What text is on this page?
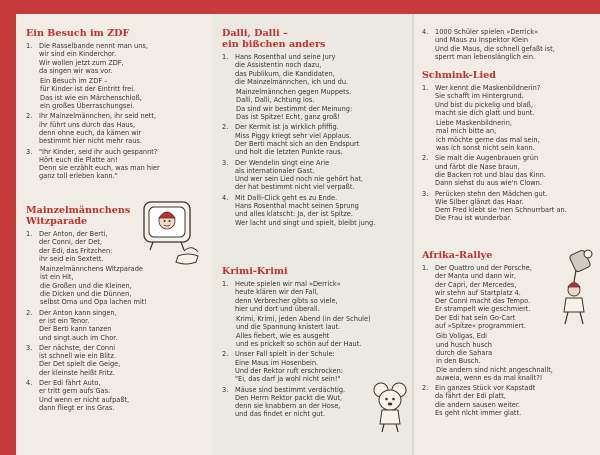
Ein Besuch im ZDF
1.	Die Rasselbande nennt man uns,
wir sind ein Kinderchor.
Wir wollen jetzt zum ZDF,
da singen wir was vor.
Ein Besuch im ZDF –
für Kinder ist der Eintritt frei.
Das ist wie ein Märchenschloß,
ein großes Überraschungsei.
2.	Ihr Mainzelmännchen, ihr seid nett,
ihr führt uns durch das Haus,
denn ohne euch, da kämen wir
bestimmt hier nicht mehr raus.
3.	"Ihr Kinder, seid ihr auch gespannt?
Hört euch die Platte an!
Denn sie erzählt euch, was man hier
ganz toll erleben kann."
Mainzelmännchens
Witzparade
1.	Der Anton, der Berti,
der Conni, der Det,
der Edi, das Fritzchen:
ihr seid ein Sextett.
Mainzelmännchens Witzparade
ist ein Hit,
die Großen und die Kleinen,
die Dicken und die Dünnen,
selbst Oma und Opa lachen mit!
2.	Der Anton kann singen,
er ist ein Tenor.
Der Berti kann tanzen
und singt auch im Chor.
3.	Der nächste, der Conni
ist schnell wie ein Blitz.
Der Det spielt die Geige,
der kleinste heißt Fritz.
4.	Der Edi fährt Auto,
er tritt gern aufs Gas.
Und wenn er nicht aufpaßt,
dann fliegt er ins Gras.
Dalli, Dalli –
ein bißchen anders
1.	Hans Rosenthal und seine Jury
die Assistentin noch dazu,
das Publikum, die Kandidaten,
die Mainzelmännchen, ich und du.
Mainzelmännchen gegen Muppets.
Dalli, Dalli, Achtung los.
Da sind wir bestimmt der Meinung:
Das ist Spitze! Echt, ganz groß!
2.	Der Kermit ist ja wirklich pfiffig.
Miss Piggy kriegt sehr viel Applaus.
Der Berti macht sich an den Endspurt
und holt die letzten Punkte raus.
3.	Der Wendelin singt eine Arie
als internationaler Gast.
Und wer sein Lied noch nie gehört hat,
der hat bestimmt nicht viel verpaßt.
4.	Mit Dalli-Click geht es zu Ende.
Hans Rosenthal macht seinen Sprung
und alles klatscht: Ja, der ist Spitze.
Wer lacht und singt und spielt, bleibt jung.
Krimi-Krimi
1.	Heute spielen wir mal »Derrick«
heute klären wir den Fall,
denn Verbrecher gibts so viele,
hier und dort und überall.
Krimi, Krimi, jeden Abend (in der Schule)
und die Spannung knistert laut.
Alles fiebert, wie es ausgeht
und es prickelt so schön auf der Haut.
2.	Unser Fall spielt in der Schule:
Eine Maus im Hosenbein.
Und der Rektor ruft erschrocken:
"Ei, das darf ja wohl nicht sein!"
3.	Mäuse sind bestimmt verdächtig.
Den Herrn Rektor packt die Wut,
denn sie knabbern an der Hose,
und das findet er nicht gut.
4.	1000 Schüler spielen »Derrick«
und Maus zu Inspektor Klein
Und die Maus, die schnell gefaßt ist,
sperrt man lebenslänglich ein.
Schmink-Lied
1.	Wer kennt die Maskenbildnerin?
Sie schafft im Hintergrund.
Und bist du pickelig und blaß,
macht sie dich glatt und bunt.
Liebe Maskenbildnerin,
mal mich bitte an,
ich möchte gerne das mal sein,
was ich sonst nicht sein kann.
2.	Sie malt die Augenbrauen grün
und färbt die Nase braun,
die Backen rot und blau das Kinn.
Dann siehst du aus wie'n Clown.
3.	Perücken stehn den Mädchen gut.
Wie Silber glänzt das Haar.
Dem Fred klebt sie 'nen Schnurrbart an.
Die Frau ist wunderbar.
Afrika-Rallye
1.	Der Quattro und der Porsche,
der Manta und dann wir,
der Capri, der Mercedes,
wir stehn auf Startplatz 4.
Der Conni macht das Tempo.
Er strampelt wie geschmiert.
Der Edi hat sein Go-Cart
auf »Spitze« programmiert.
Gib Vollgas, Edi
und husch husch
durch die Sahara
in den Busch.
Die andern sind nicht angeschnallt,
auweia, wenn es da mal knallt?!
2.	Ein ganzes Stück vor Kapstadt
da fährt der Edi platt,
die andern sausen weiter.
Es geht nicht immer glatt.
